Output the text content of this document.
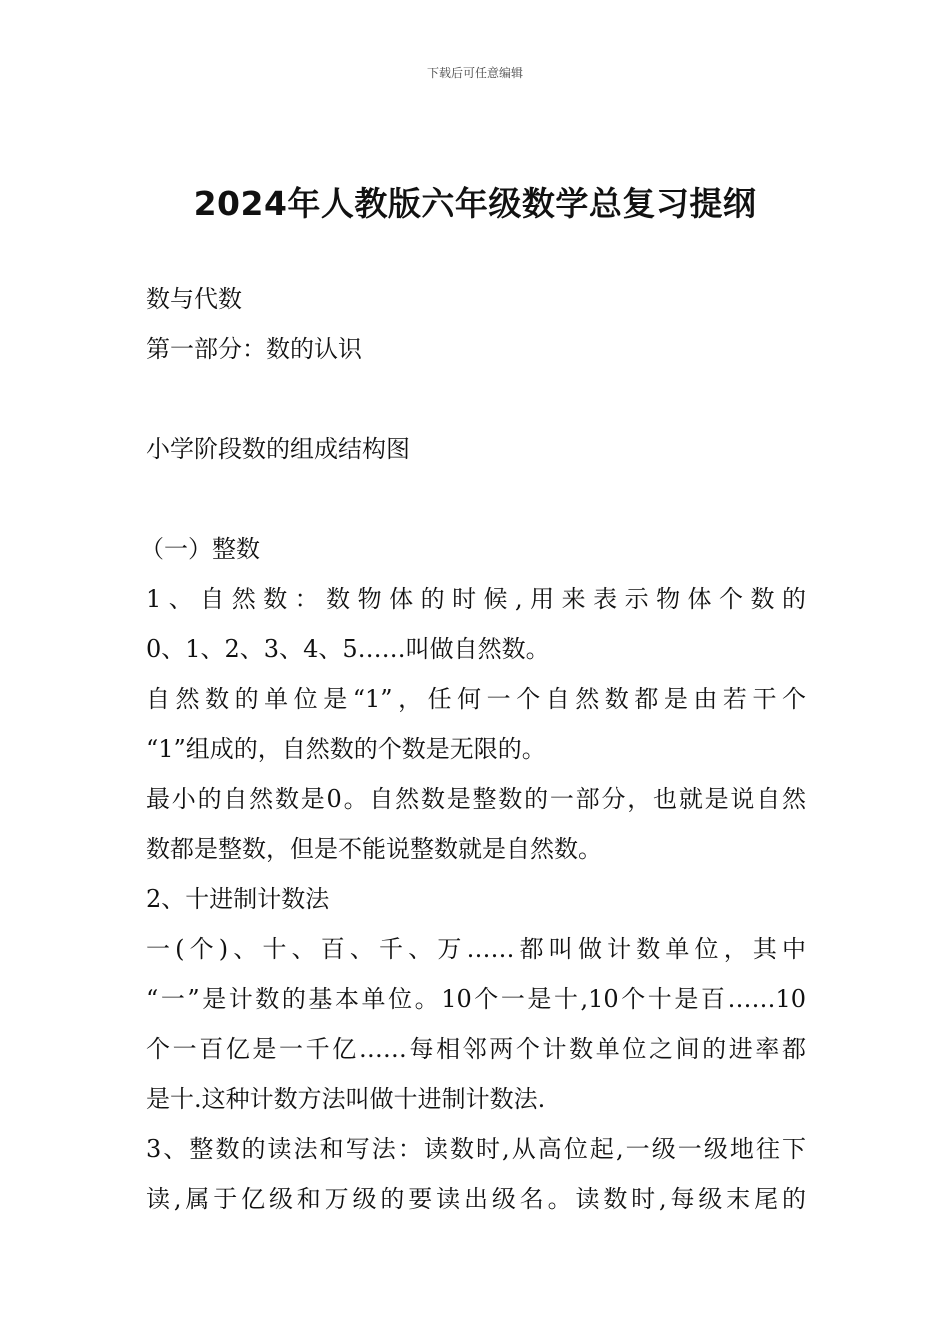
下载后可任意编辑
2024年人教版六年级数学总复习提纲
数与代数
第一部分：数的认识
小学阶段数的组成结构图
（一）整数
1、自然数：数物体的时候,用来表示物体个数的
0、1、2、3、4、5……叫做自然数。
自然数的单位是“1”，任何一个自然数都是由若干个
“1”组成的，自然数的个数是无限的。
最小的自然数是0。自然数是整数的一部分，也就是说自然
数都是整数，但是不能说整数就是自然数。
2、十进制计数法
一(个)、十、百、千、万……都叫做计数单位，其中
“一”是计数的基本单位。10个一是十,10个十是百……10
个一百亿是一千亿……每相邻两个计数单位之间的进率都
是十.这种计数方法叫做十进制计数法.
3、整数的读法和写法：读数时,从高位起,一级一级地往下
读,属于亿级和万级的要读出级名。读数时,每级末尾的
